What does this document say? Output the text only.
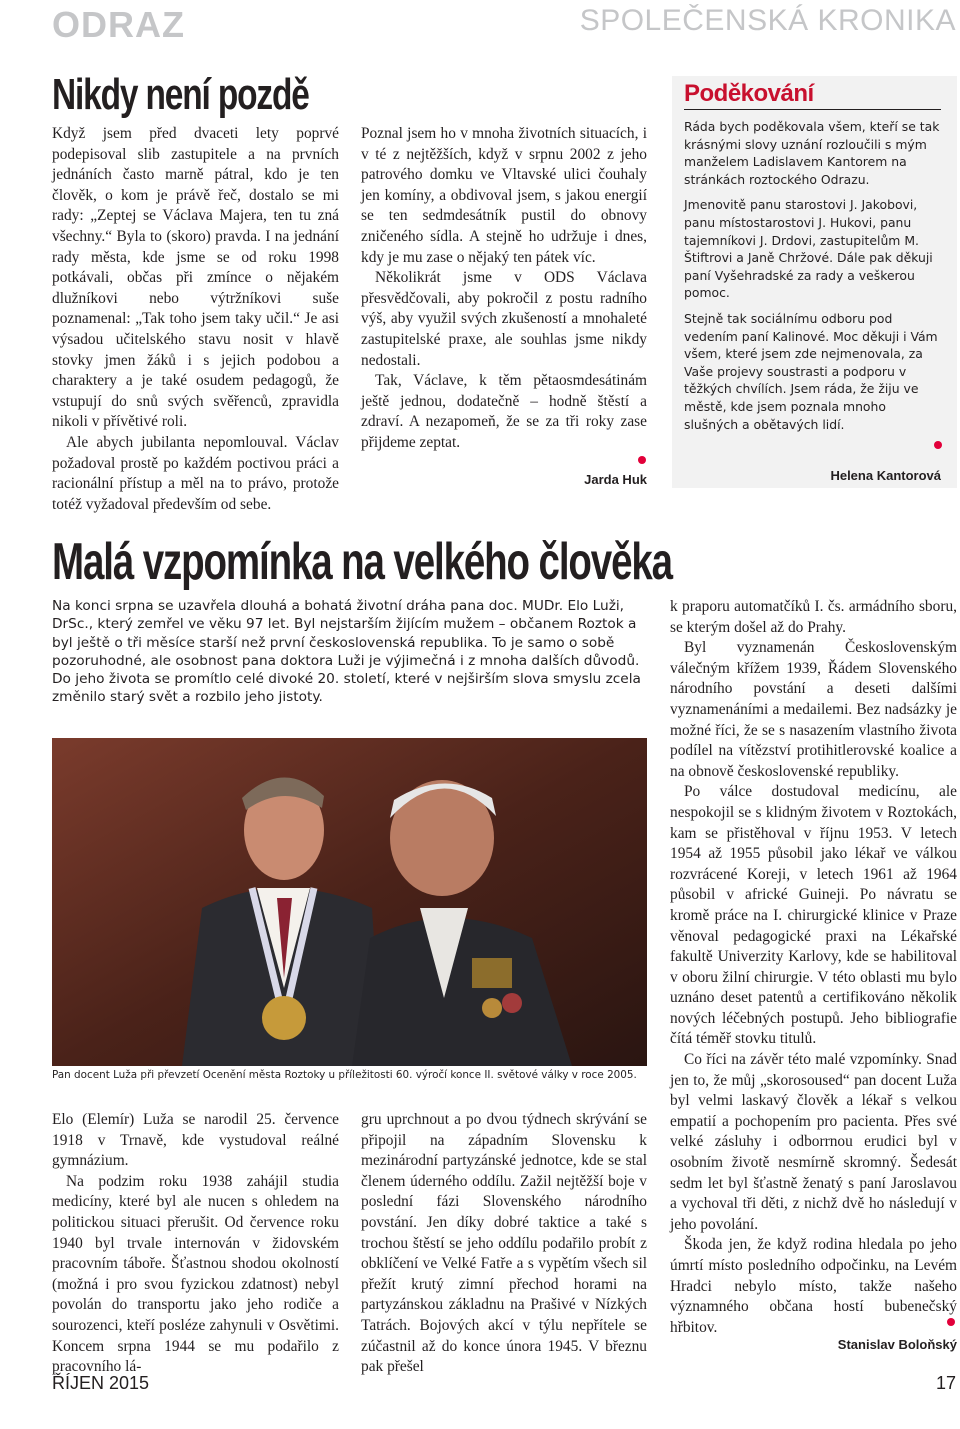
ODRAZ	SPOLEČENSKÁ KRONIKA
Nikdy není pozdě

Když jsem před dvaceti lety poprvé podepisoval slib zastupitele a na prvních jednáních často marně pátral, kdo je ten člověk, o kom je právě řeč, dostalo se mi rady: „Zeptej se Václava Majera, ten tu zná všechny.“ Byla to (skoro) pravda. I na jednání rady města, kde jsme se od roku 1998 potkávali, občas při zmínce o nějakém dlužníkovi nebo výtržníkovi suše poznamenal: „Tak toho jsem taky učil.“ Je asi výsadou učitelského stavu nosit v hlavě stovky jmen žáků i s jejich podobou a charaktery a je také osudem pedagogů, že vstupují do snů svých svěřenců, zpravidla nikoli v přívětivé roli.

Ale abych jubilanta nepomlouval. Václav požadoval prostě po každém poctivou práci a racionální přístup a měl na to právo, protože totéž vyžadoval především od sebe.

Poznal jsem ho v mnoha životních situacích, i v té z nejtěžších, když v srpnu 2002 z jeho patrového domku ve Vltavské ulici čouhaly jen komíny, a obdivoval jsem, s jakou energií se ten sedmdesátník pustil do obnovy zničeného sídla. A stejně ho udržuje i dnes, kdy je mu zase o nějaký ten pátek víc.

Několikrát jsme v ODS Václava přesvědčovali, aby pokročil z postu radního výš, aby využil svých zkušeností a mnohaleté zastupitelské praxe, ale souhlas jsme nikdy nedostali.

Tak, Václave, k těm pětaosmdesátinám ještě jednou, dodatečně – hodně štěstí a zdraví. A nezapomeň, že se za tři roky zase přijdeme zeptat.

Jarda Huk
Poděkování

Ráda bych poděkovala všem, kteří se tak krásnými slovy uznání rozloučili s mým manželem Ladislavem Kantorem na stránkách roztockého Odrazu.

Jmenovitě panu starostovi J. Jakobovi, panu místostarostovi J. Hukovi, panu tajemníkovi J. Drdovi, zastupitelům M. Štiftrovi a Janě Chržové. Dále pak děkuji paní Vyšehradské za rady a veškerou pomoc.

Stejně tak sociálnímu odboru pod vedením paní Kalinové. Moc děkuji i Vám všem, které jsem zde nejmenovala, za Vaše projevy soustrasti a podporu v těžkých chvílích. Jsem ráda, že žiju ve městě, kde jsem poznala mnoho slušných a obětavých lidí.

Helena Kantorová
Malá vzpomínka na velkého člověka
Na konci srpna se uzavřela dlouhá a bohatá životní dráha pana doc. MUDr. Elo Luži, DrSc., který zemřel ve věku 97 let. Byl nejstarším žijícím mužem – občanem Roztok a byl ještě o tři měsíce starší než první československá republika. To je samo o sobě pozoruhodné, ale osobnost pana doktora Luži je výjimečná i z mnoha dalších důvodů. Do jeho života se promítlo celé divoké 20. století, které v nejširším slova smyslu zcela změnilo starý svět a rozbilo jeho jistoty.
Pan docent Luža při převzetí Ocenění města Roztoky u příležitosti 60. výročí konce II. světové války v roce 2005.

Elo (Elemír) Luža se narodil 25. července 1918 v Trnavě, kde vystudoval reálné gymnázium.

Na podzim roku 1938 zahájil studia medicíny, které byl ale nucen s ohledem na politickou situaci přerušit. Od července roku 1940 byl trvale internován v židovském pracovním táboře. Šťastnou shodou okolností (možná i pro svou fyzickou zdatnost) nebyl povolán do transportu jako jeho rodiče a sourozenci, kteří posléze zahynuli v Osvětimi. Koncem srpna 1944 se mu podařilo z pracovního lá-

gru uprchnout a po dvou týdnech skrývání se připojil na západním Slovensku k mezinárodní partyzánské jednotce, kde se stal členem úderného oddílu. Zažil nejtěžší boje v poslední fázi Slovenského národního povstání. Jen díky dobré taktice a také s trochou štěstí se jeho oddílu podařilo probít z obklíčení ve Velké Fatře a s vypětím všech sil přežít krutý zimní přechod horami na partyzánskou základnu na Prašivé v Nízkých Tatrách. Bojových akcí v týlu nepřítele se zúčastnil až do konce února 1945. V březnu pak přešel

k praporu automatčíků I. čs. armádního sboru, se kterým došel až do Prahy.

Byl vyznamenán Československým válečným křížem 1939, Řádem Slovenského národního povstání a deseti dalšími vyznamenáními a medailemi. Bez nadsázky je možné říci, že se s nasazením vlastního života podílel na vítězství protihitlerovské koalice a na obnově československé republiky.

Po válce dostudoval medicínu, ale nespokojil se s klidným životem v Roztokách, kam se přistěhoval v říjnu 1953. V letech 1954 až 1955 působil jako lékař ve válkou rozvrácené Koreji, v letech 1961 až 1964 působil v africké Guineji. Po návratu se kromě práce na I. chirurgické klinice v Praze věnoval pedagogické praxi na Lékařské fakultě Univerzity Karlovy, kde se habilitoval v oboru žilní chirurgie. V této oblasti mu bylo uznáno deset patentů a certifikováno několik nových léčebných postupů. Jeho bibliografie čítá téměř stovku titulů.

Co říci na závěr této malé vzpomínky. Snad jen to, že můj „skorosoused“ pan docent Luža byl velmi laskavý člověk a lékař s velkou empatií a pochopením pro pacienta. Přes své velké zásluhy i odborrnou erudici byl v osobním životě nesmírně skromný. Šedesát sedm let byl šťastně ženatý s paní Jaroslavou a vychoval tři děti, z nichž dvě ho následují v jeho povolání.

Škoda jen, že když rodina hledala po jeho úmrtí místo posledního odpočinku, na Levém Hradci nebylo místo, takže našeho významného občana hostí bubenečský hřbitov.

Stanislav Boloňský
ŘÍJEN 2015	17
